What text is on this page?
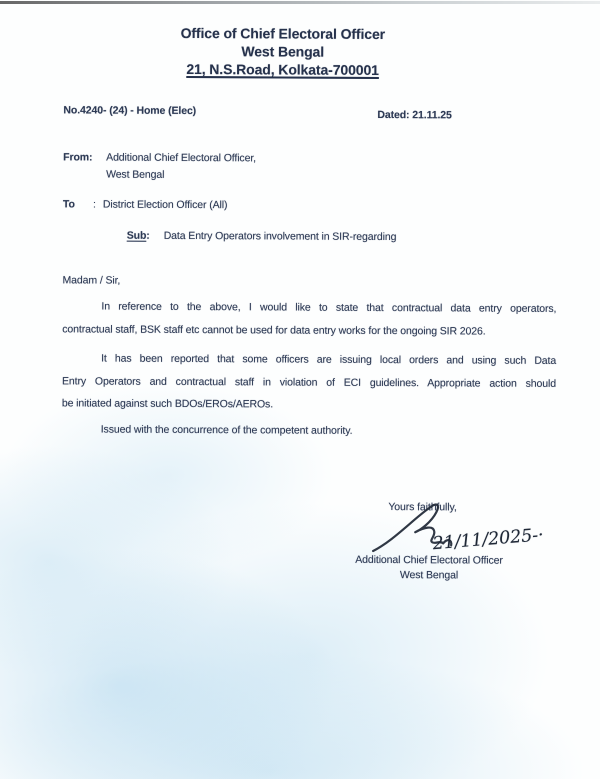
Office of Chief Electoral Officer
West Bengal
21, N.S.Road, Kolkata-700001
No.4240- (24) - Home (Elec)	Dated: 21.11.25
From:	Additional Chief Electoral Officer,
West Bengal
To : District Election Officer (All)
Sub: Data Entry Operators involvement in SIR-regarding
Madam / Sir,
In reference to the above, I would like to state that contractual data entry operators,
contractual staff, BSK staff etc cannot be used for data entry works for the ongoing SIR 2026.
It has been reported that some officers are issuing local orders and using such Data
Entry Operators and contractual staff in violation of ECI guidelines. Appropriate action should
be initiated against such BDOs/EROs/AEROs.
Issued with the concurrence of the competent authority.
Yours faithfully,
21/11/2025-·
Additional Chief Electoral Officer
West Bengal
